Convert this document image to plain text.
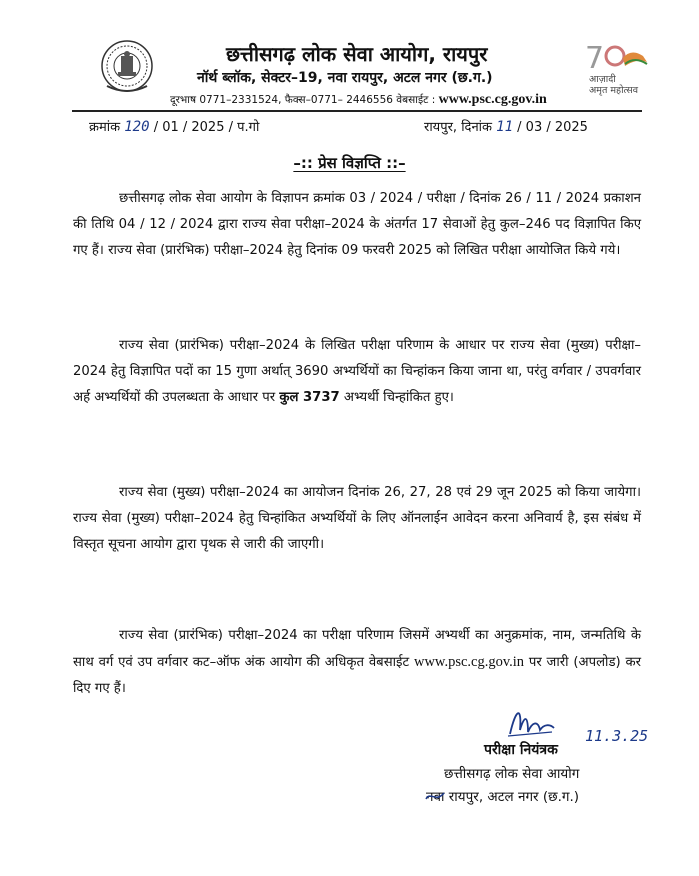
छत्तीसगढ़ लोक सेवा आयोग, रायपुर
नॉर्थ ब्लॉक, सेक्टर–19, नवा रायपुर, अटल नगर (छ.ग.)
दूरभाष 0771–2331524, फैक्स–0771– 2446556 वेबसाईट : www.psc.cg.gov.in
7
आज़ादी
अमृत महोत्सव
क्रमांक 120 / 01 / 2025 / प.गो	रायपुर, दिनांक 11 / 03 / 2025
–:: प्रेस विज्ञप्ति ::–
छत्तीसगढ़ लोक सेवा आयोग के विज्ञापन क्रमांक 03 / 2024 / परीक्षा / दिनांक 26 / 11 / 2024 प्रकाशन की तिथि 04 / 12 / 2024 द्वारा राज्य सेवा परीक्षा–2024 के अंतर्गत 17 सेवाओं हेतु कुल–246 पद विज्ञापित किए गए हैं। राज्य सेवा (प्रारंभिक) परीक्षा–2024 हेतु दिनांक 09 फरवरी 2025 को लिखित परीक्षा आयोजित किये गये।
राज्य सेवा (प्रारंभिक) परीक्षा–2024 के लिखित परीक्षा परिणाम के आधार पर राज्य सेवा (मुख्य) परीक्षा–2024 हेतु विज्ञापित पदों का 15 गुणा अर्थात् 3690 अभ्यर्थियों का चिन्हांकन किया जाना था, परंतु वर्गवार / उपवर्गवार अर्ह अभ्यर्थियों की उपलब्धता के आधार पर कुल 3737 अभ्यर्थी चिन्हांकित हुए।
राज्य सेवा (मुख्य) परीक्षा–2024 का आयोजन दिनांक 26, 27, 28 एवं 29 जून 2025 को किया जायेगा। राज्य सेवा (मुख्य) परीक्षा–2024 हेतु चिन्हांकित अभ्यर्थियों के लिए ऑनलाईन आवेदन करना अनिवार्य है, इस संबंध में विस्तृत सूचना आयोग द्वारा पृथक से जारी की जाएगी।
राज्य सेवा (प्रारंभिक) परीक्षा–2024 का परीक्षा परिणाम जिसमें अभ्यर्थी का अनुक्रमांक, नाम, जन्मतिथि के साथ वर्ग एवं उप वर्गवार कट–ऑफ अंक आयोग की अधिकृत वेबसाईट www.psc.cg.gov.in पर जारी (अपलोड) कर दिए गए हैं।
11.3.25
परीक्षा नियंत्रक
छत्तीसगढ़ लोक सेवा आयोग
नवा रायपुर, अटल नगर (छ.ग.)
